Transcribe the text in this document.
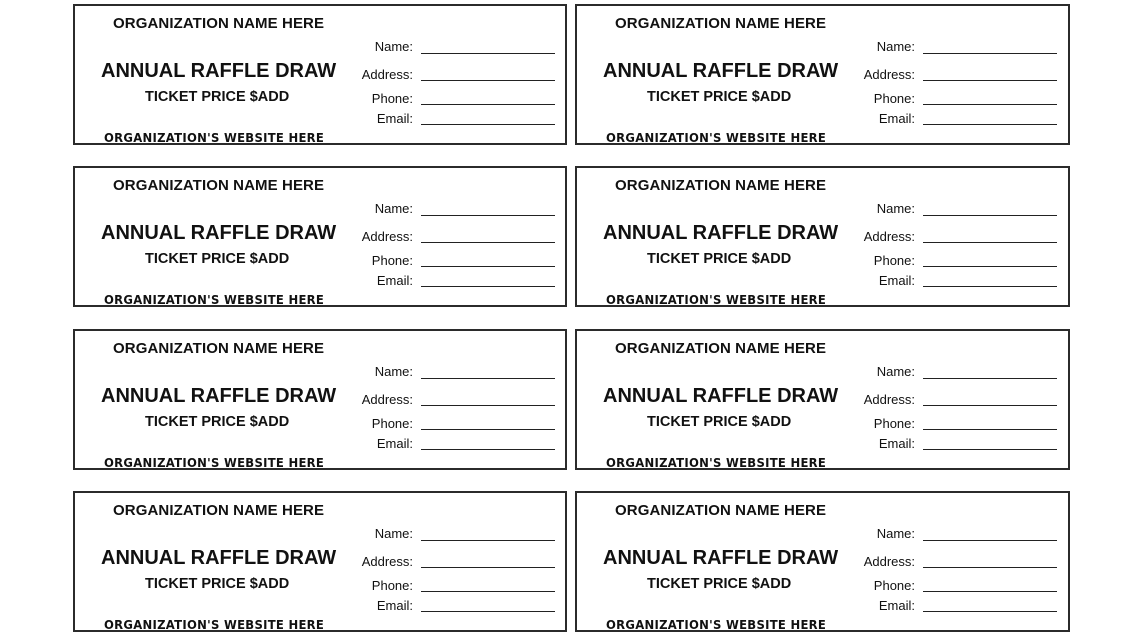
ORGANIZATION NAME HERE
ANNUAL RAFFLE DRAW
TICKET PRICE $ADD
ORGANIZATION'S WEBSITE HERE
Name:
Address:
Phone:
Email:
ORGANIZATION NAME HERE
ANNUAL RAFFLE DRAW
TICKET PRICE $ADD
ORGANIZATION'S WEBSITE HERE
Name:
Address:
Phone:
Email:
ORGANIZATION NAME HERE
ANNUAL RAFFLE DRAW
TICKET PRICE $ADD
ORGANIZATION'S WEBSITE HERE
Name:
Address:
Phone:
Email:
ORGANIZATION NAME HERE
ANNUAL RAFFLE DRAW
TICKET PRICE $ADD
ORGANIZATION'S WEBSITE HERE
Name:
Address:
Phone:
Email:
ORGANIZATION NAME HERE
ANNUAL RAFFLE DRAW
TICKET PRICE $ADD
ORGANIZATION'S WEBSITE HERE
Name:
Address:
Phone:
Email:
ORGANIZATION NAME HERE
ANNUAL RAFFLE DRAW
TICKET PRICE $ADD
ORGANIZATION'S WEBSITE HERE
Name:
Address:
Phone:
Email:
ORGANIZATION NAME HERE
ANNUAL RAFFLE DRAW
TICKET PRICE $ADD
ORGANIZATION'S WEBSITE HERE
Name:
Address:
Phone:
Email:
ORGANIZATION NAME HERE
ANNUAL RAFFLE DRAW
TICKET PRICE $ADD
ORGANIZATION'S WEBSITE HERE
Name:
Address:
Phone:
Email:
